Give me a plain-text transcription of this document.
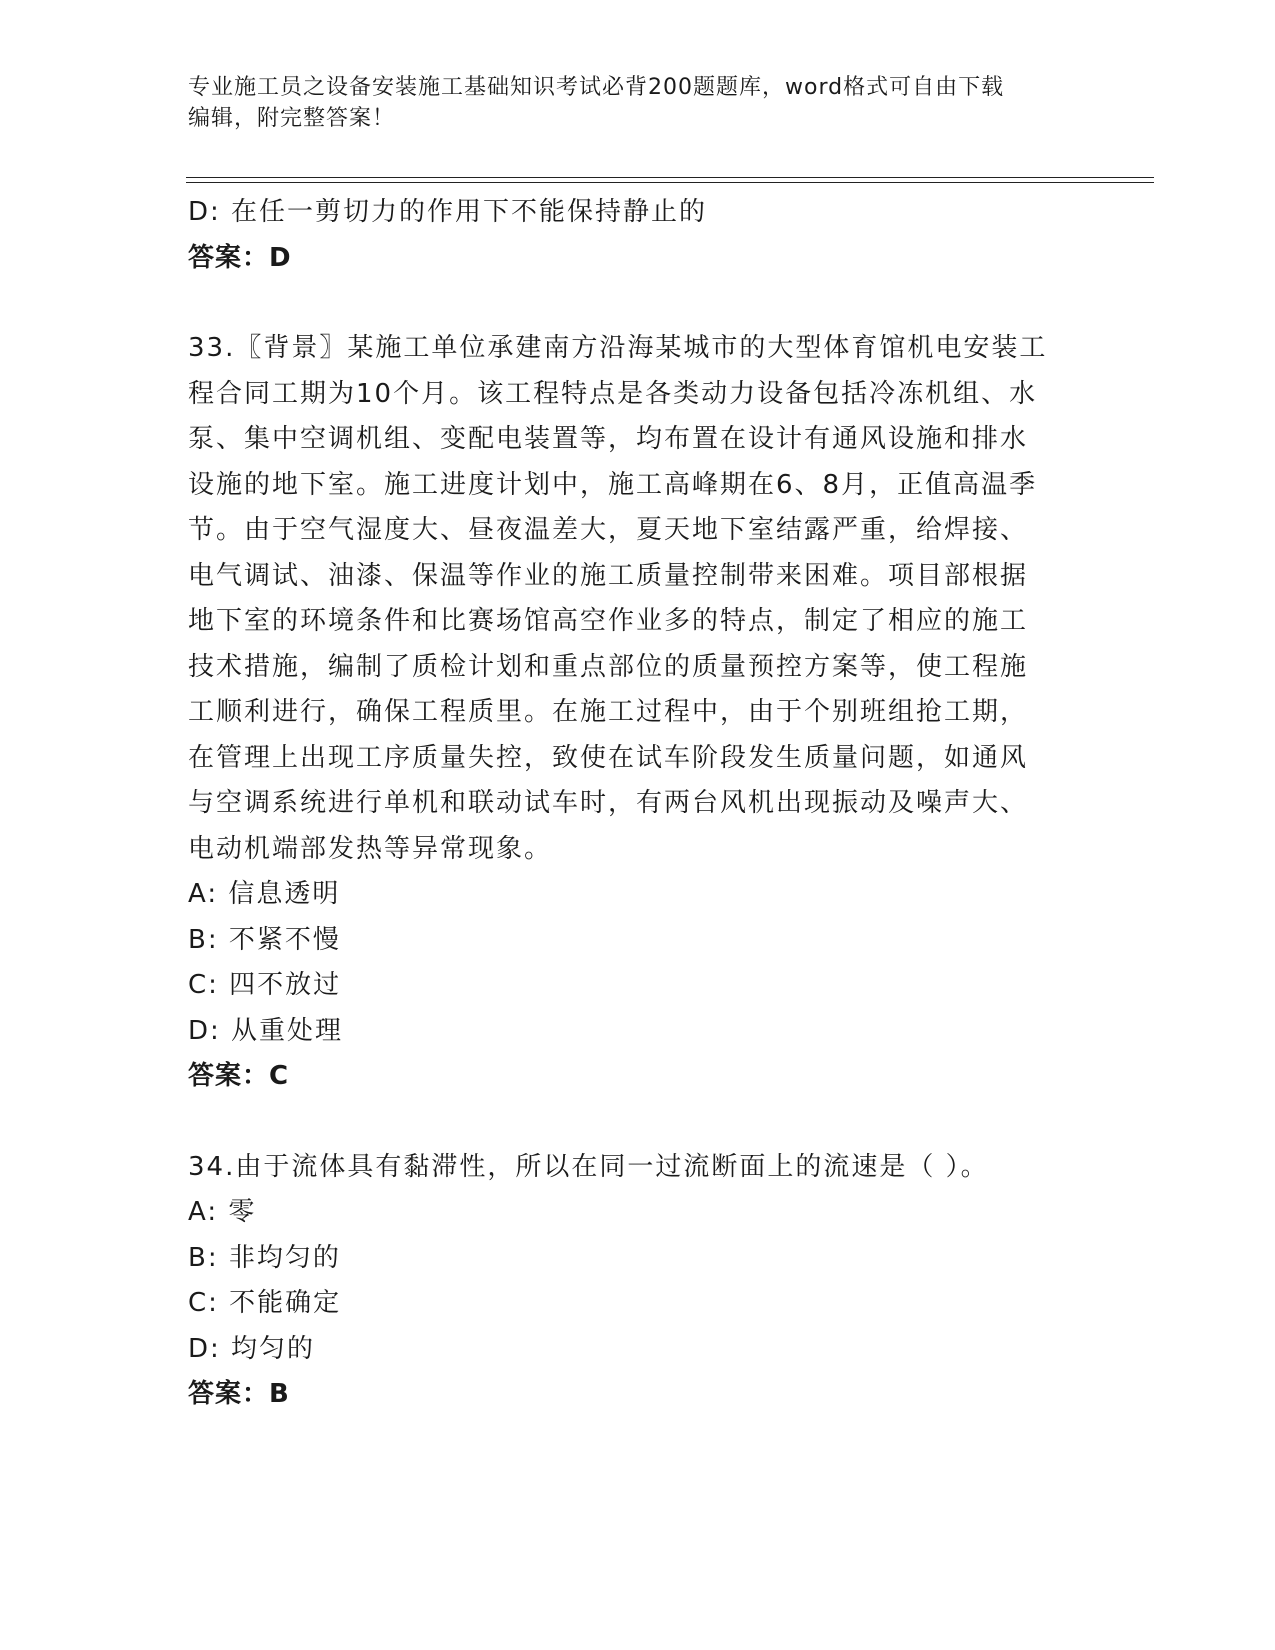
专业施工员之设备安装施工基础知识考试必背200题题库，word格式可自由下载
编辑，附完整答案！
D: 在任一剪切力的作用下不能保持静止的
答案：D
33.〖背景〗某施工单位承建南方沿海某城市的大型体育馆机电安装工
程合同工期为10个月。该工程特点是各类动力设备包括冷冻机组、水
泵、集中空调机组、变配电装置等，均布置在设计有通风设施和排水
设施的地下室。施工进度计划中，施工高峰期在6、8月，正值高温季
节。由于空气湿度大、昼夜温差大，夏天地下室结露严重，给焊接、
电气调试、油漆、保温等作业的施工质量控制带来困难。项目部根据
地下室的环境条件和比赛场馆高空作业多的特点，制定了相应的施工
技术措施，编制了质检计划和重点部位的质量预控方案等，使工程施
工顺利进行，确保工程质里。在施工过程中，由于个别班组抢工期，
在管理上出现工序质量失控，致使在试车阶段发生质量问题，如通风
与空调系统进行单机和联动试车时，有两台风机出现振动及噪声大、
电动机端部发热等异常现象。
A: 信息透明
B: 不紧不慢
C: 四不放过
D: 从重处理
答案：C
34.由于流体具有黏滞性，所以在同一过流断面上的流速是（ ）。
A: 零
B: 非均匀的
C: 不能确定
D: 均匀的
答案：B
